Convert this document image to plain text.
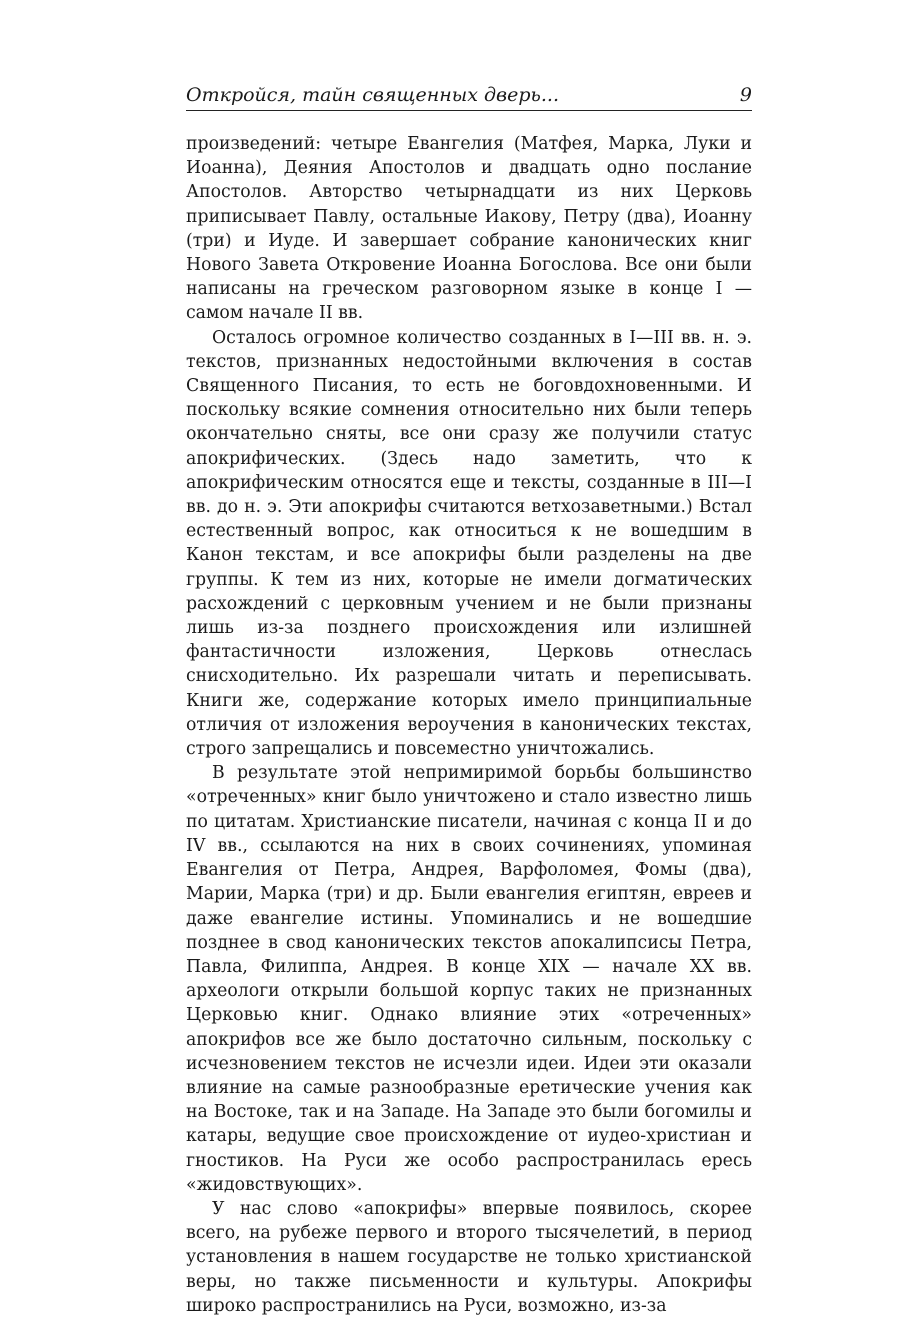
Откройся, тайн священных дверь...	9

произведений: четыре Евангелия (Матфея, Марка, Луки и Иоанна), Деяния Апостолов и двадцать одно послание Апостолов. Авторство четырнадцати из них Церковь приписывает Павлу, остальные Иакову, Петру (два), Иоанну (три) и Иуде. И завершает собрание канонических книг Нового Завета Откровение Иоанна Богослова. Все они были написаны на греческом разговорном языке в конце I — самом начале II вв.

Осталось огромное количество созданных в I—III вв. н. э. текстов, признанных недостойными включения в состав Священного Писания, то есть не боговдохновенными. И поскольку всякие сомнения относительно них были теперь окончательно сняты, все они сразу же получили статус апокрифических. (Здесь надо заметить, что к апокрифическим относятся еще и тексты, созданные в III—I вв. до н. э. Эти апокрифы считаются ветхозаветными.) Встал естественный вопрос, как относиться к не вошедшим в Канон текстам, и все апокрифы были разделены на две группы. К тем из них, которые не имели догматических расхождений с церковным учением и не были признаны лишь из-за позднего происхождения или излишней фантастичности изложения, Церковь отнеслась снисходительно. Их разрешали читать и переписывать. Книги же, содержание которых имело принципиальные отличия от изложения вероучения в канонических текстах, строго запрещались и повсеместно уничтожались.

В результате этой непримиримой борьбы большинство «отреченных» книг было уничтожено и стало известно лишь по цитатам. Христианские писатели, начиная с конца II и до IV вв., ссылаются на них в своих сочинениях, упоминая Евангелия от Петра, Андрея, Варфоломея, Фомы (два), Марии, Марка (три) и др. Были евангелия египтян, евреев и даже евангелие истины. Упоминались и не вошедшие позднее в свод канонических текстов апокалипсисы Петра, Павла, Филиппа, Андрея. В конце XIX — начале XX вв. археологи открыли большой корпус таких не признанных Церковью книг. Однако влияние этих «отреченных» апокрифов все же было достаточно сильным, поскольку с исчезновением текстов не исчезли идеи. Идеи эти оказали влияние на самые разнообразные еретические учения как на Востоке, так и на Западе. На Западе это были богомилы и катары, ведущие свое происхождение от иудео-христиан и гностиков. На Руси же особо распространилась ересь «жидовствующих».

У нас слово «апокрифы» впервые появилось, скорее всего, на рубеже первого и второго тысячелетий, в период установления в нашем государстве не только христианской веры, но также письменности и культуры. Апокрифы широко распространились на Руси, возможно, из-за
